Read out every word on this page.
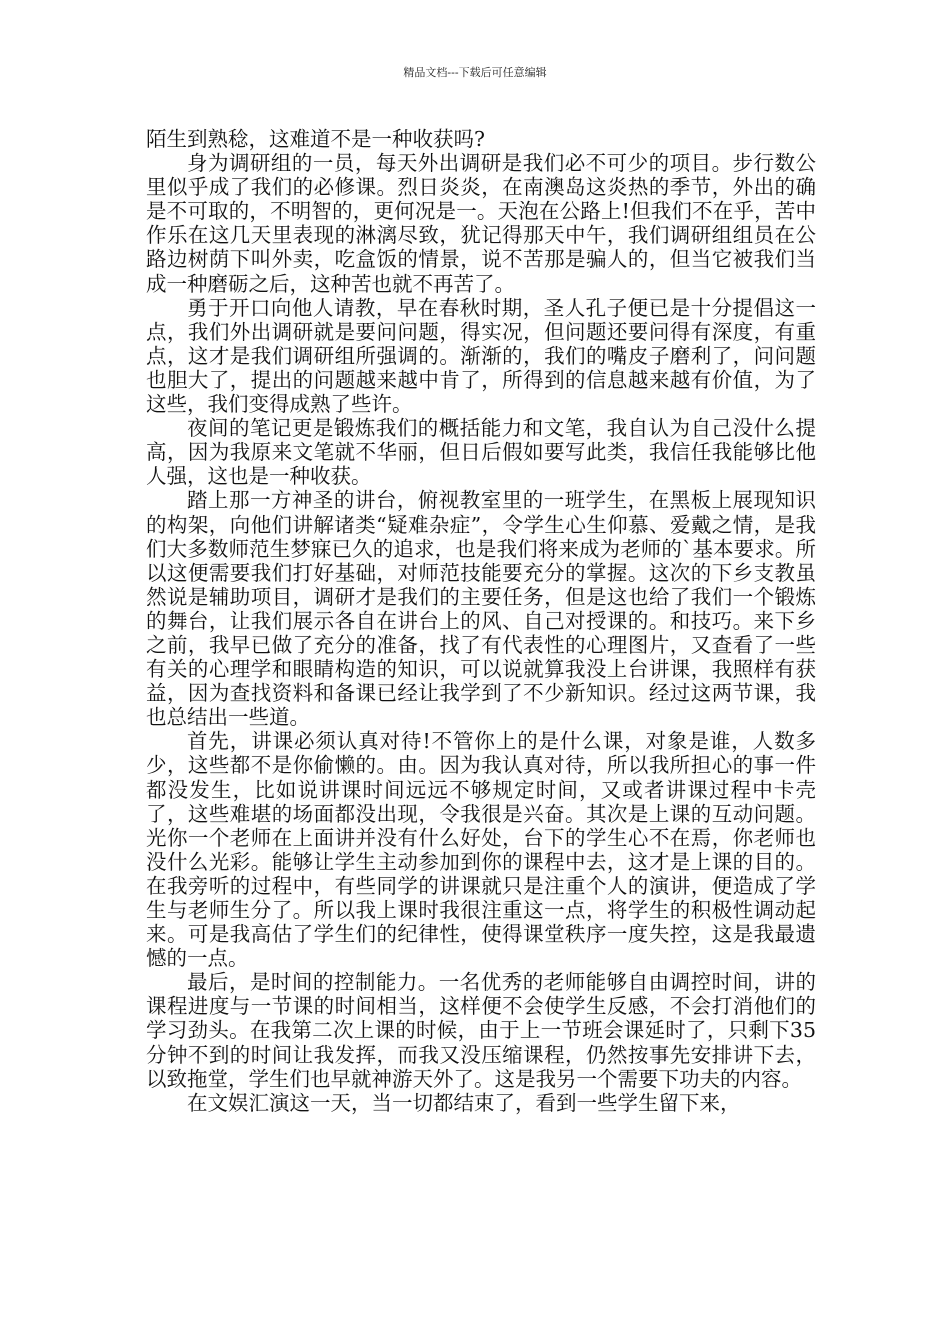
精品文档---下载后可任意编辑

陌生到熟稔，这难道不是一种收获吗?

身为调研组的一员，每天外出调研是我们必不可少的项目。步行数公里似乎成了我们的必修课。烈日炎炎，在南澳岛这炎热的季节，外出的确是不可取的，不明智的，更何况是一。天泡在公路上!但我们不在乎，苦中作乐在这几天里表现的淋漓尽致，犹记得那天中午，我们调研组组员在公路边树荫下叫外卖，吃盒饭的情景，说不苦那是骗人的，但当它被我们当成一种磨砺之后，这种苦也就不再苦了。

勇于开口向他人请教，早在春秋时期，圣人孔子便已是十分提倡这一点，我们外出调研就是要问问题，得实况，但问题还要问得有深度，有重点，这才是我们调研组所强调的。渐渐的，我们的嘴皮子磨利了，问问题也胆大了，提出的问题越来越中肯了，所得到的信息越来越有价值，为了这些，我们变得成熟了些许。

夜间的笔记更是锻炼我们的概括能力和文笔，我自认为自己没什么提高，因为我原来文笔就不华丽，但日后假如要写此类，我信任我能够比他人强，这也是一种收获。

踏上那一方神圣的讲台，俯视教室里的一班学生，在黑板上展现知识的构架，向他们讲解诸类“疑难杂症”，令学生心生仰慕、爱戴之情，是我们大多数师范生梦寐已久的追求，也是我们将来成为老师的`基本要求。所以这便需要我们打好基础，对师范技能要充分的掌握。这次的下乡支教虽然说是辅助项目，调研才是我们的主要任务，但是这也给了我们一个锻炼的舞台，让我们展示各自在讲台上的风、自己对授课的。和技巧。来下乡之前，我早已做了充分的准备，找了有代表性的心理图片，又查看了一些有关的心理学和眼睛构造的知识，可以说就算我没上台讲课，我照样有获益，因为查找资料和备课已经让我学到了不少新知识。经过这两节课，我也总结出一些道。

首先，讲课必须认真对待!不管你上的是什么课，对象是谁，人数多少，这些都不是你偷懒的。由。因为我认真对待，所以我所担心的事一件都没发生，比如说讲课时间远远不够规定时间，又或者讲课过程中卡壳了，这些难堪的场面都没出现，令我很是兴奋。其次是上课的互动问题。光你一个老师在上面讲并没有什么好处，台下的学生心不在焉，你老师也没什么光彩。能够让学生主动参加到你的课程中去，这才是上课的目的。在我旁听的过程中，有些同学的讲课就只是注重个人的演讲，便造成了学生与老师生分了。所以我上课时我很注重这一点，将学生的积极性调动起来。可是我高估了学生们的纪律性，使得课堂秩序一度失控，这是我最遗憾的一点。

最后，是时间的控制能力。一名优秀的老师能够自由调控时间，讲的课程进度与一节课的时间相当，这样便不会使学生反感，不会打消他们的学习劲头。在我第二次上课的时候，由于上一节班会课延时了，只剩下35分钟不到的时间让我发挥，而我又没压缩课程，仍然按事先安排讲下去，以致拖堂，学生们也早就神游天外了。这是我另一个需要下功夫的内容。

在文娱汇演这一天，当一切都结束了，看到一些学生留下来，
